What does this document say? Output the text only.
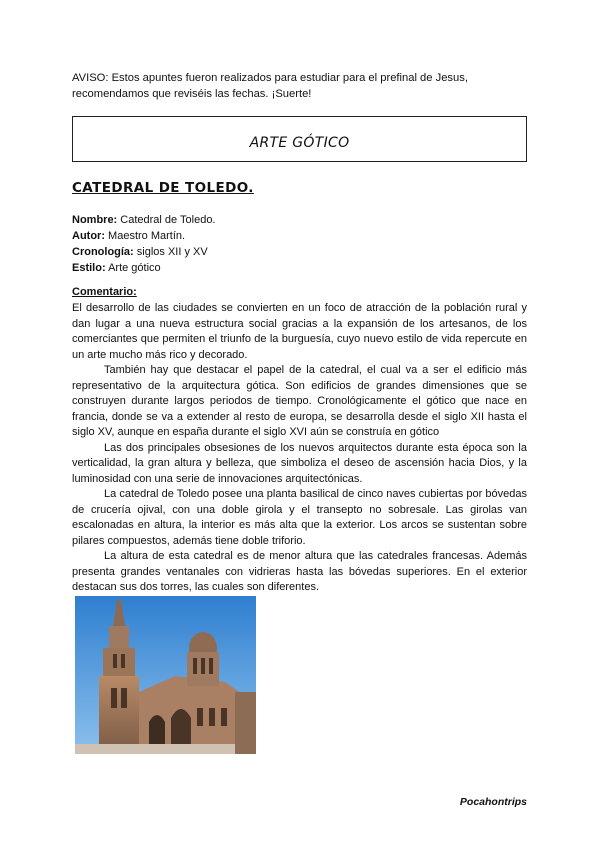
AVISO: Estos apuntes fueron realizados para estudiar para el prefinal de Jesus,
recomendamos que reviséis las fechas. ¡Suerte!
ARTE GÓTICO
CATEDRAL DE TOLEDO.
Nombre: Catedral de Toledo.
Autor: Maestro Martín.
Cronología: siglos XII y XV
Estilo: Arte gótico
Comentario:

El desarrollo de las ciudades se convierten en un foco de atracción de la población rural y dan lugar a una nueva estructura social gracias a la expansión de los artesanos, de los comerciantes que permiten el triunfo de la burguesía, cuyo nuevo estilo de vida repercute en un arte mucho más rico y decorado.

También hay que destacar el papel de la catedral, el cual va a ser el edificio más representativo de la arquitectura gótica. Son edificios de grandes dimensiones que se construyen durante largos periodos de tiempo. Cronológicamente el gótico que nace en francia, donde se va a extender al resto de europa, se desarrolla desde el siglo XII hasta el siglo XV, aunque en españa durante el siglo XVI aún se construía en gótico

Las dos principales obsesiones de los nuevos arquitectos durante esta época son la verticalidad, la gran altura y belleza, que simboliza el deseo de ascensión hacia Dios, y la luminosidad con una serie de innovaciones arquitectónicas.

La catedral de Toledo posee una planta basilical de cinco naves cubiertas por bóvedas de crucería ojival, con una doble girola y el transepto no sobresale. Las girolas van escalonadas en altura, la interior es más alta que la exterior. Los arcos se sustentan sobre pilares compuestos, además tiene doble triforio.

La altura de esta catedral es de menor altura que las catedrales francesas. Además presenta grandes ventanales con vidrieras hasta las bóvedas superiores. En el exterior destacan sus dos torres, las cuales son diferentes.

Pocahontrips
